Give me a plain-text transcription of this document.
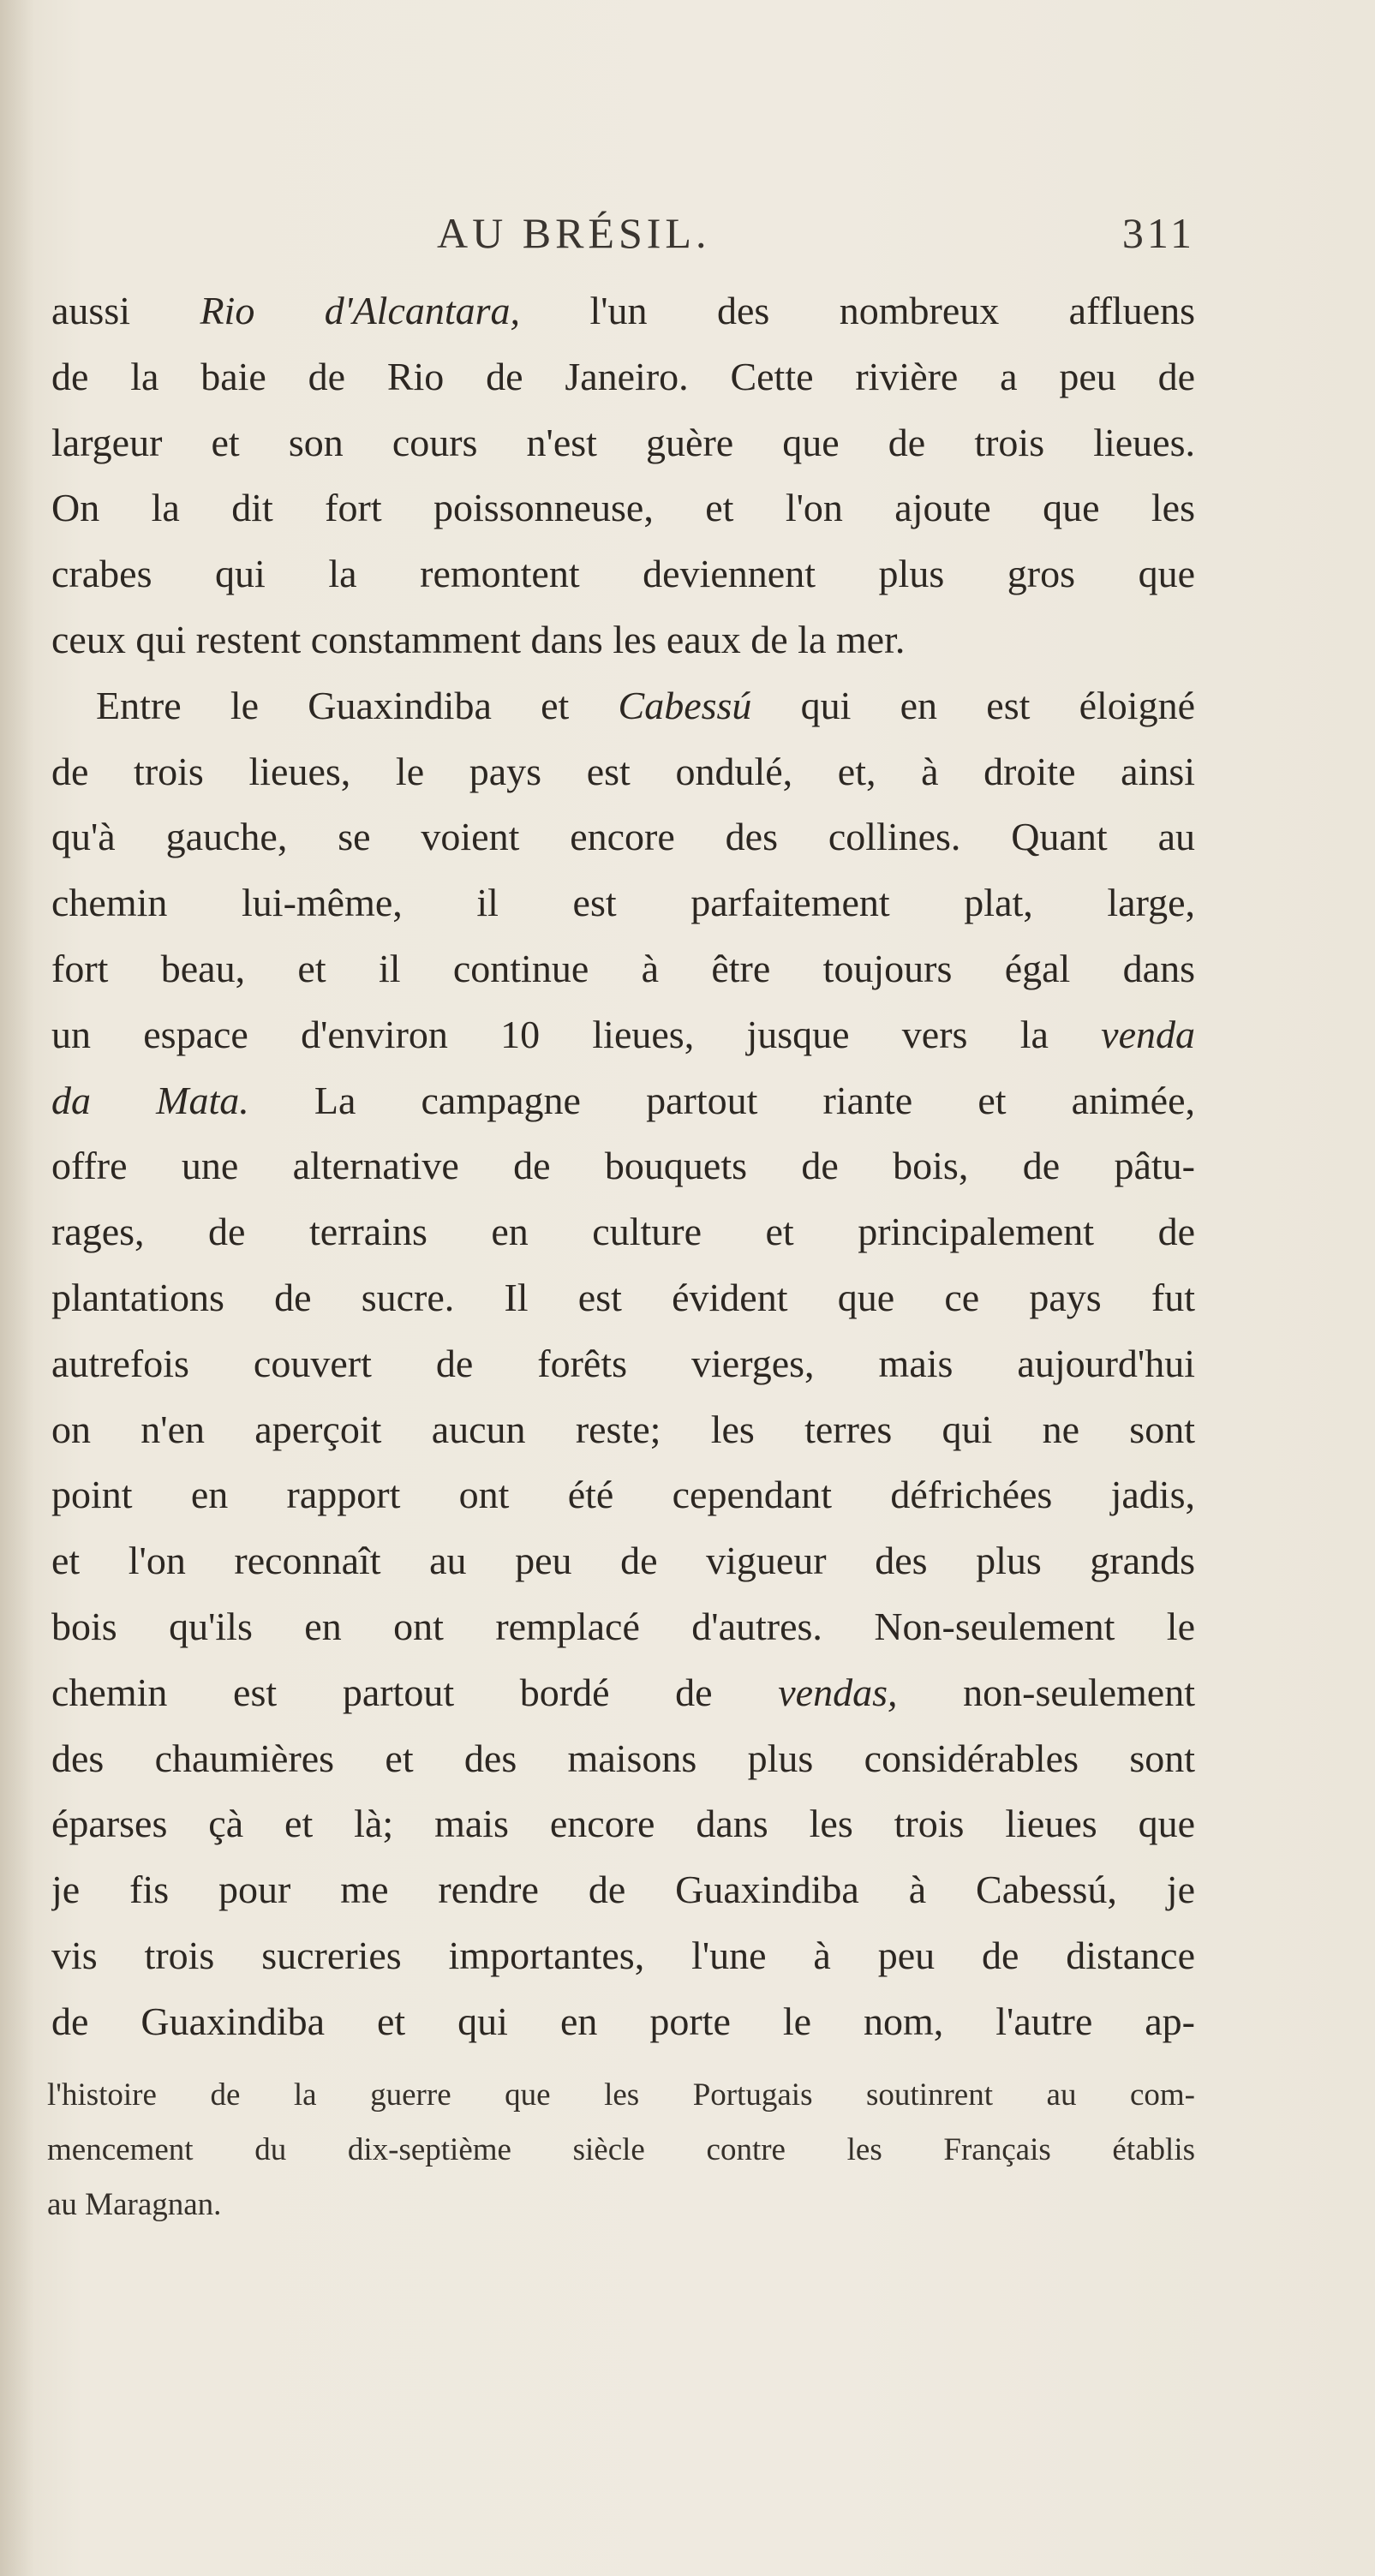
AU BRÉSIL.	311
aussi Rio d'Alcantara, l'un des nombreux affluens
de la baie de Rio de Janeiro. Cette rivière a peu de
largeur et son cours n'est guère que de trois lieues.
On la dit fort poissonneuse, et l'on ajoute que les
crabes qui la remontent deviennent plus gros que
ceux qui restent constamment dans les eaux de la mer.
Entre le Guaxindiba et Cabessú qui en est éloigné
de trois lieues, le pays est ondulé, et, à droite ainsi
qu'à gauche, se voient encore des collines. Quant au
chemin lui-même, il est parfaitement plat, large,
fort beau, et il continue à être toujours égal dans
un espace d'environ 10 lieues, jusque vers la venda
da Mata. La campagne partout riante et animée,
offre une alternative de bouquets de bois, de pâtu-
rages, de terrains en culture et principalement de
plantations de sucre. Il est évident que ce pays fut
autrefois couvert de forêts vierges, mais aujourd'hui
on n'en aperçoit aucun reste; les terres qui ne sont
point en rapport ont été cependant défrichées jadis,
et l'on reconnaît au peu de vigueur des plus grands
bois qu'ils en ont remplacé d'autres. Non-seulement le
chemin est partout bordé de vendas, non-seulement
des chaumières et des maisons plus considérables sont
éparses çà et là; mais encore dans les trois lieues que
je fis pour me rendre de Guaxindiba à Cabessú, je
vis trois sucreries importantes, l'une à peu de distance
de Guaxindiba et qui en porte le nom, l'autre ap-
l'histoire de la guerre que les Portugais soutinrent au com-
mencement du dix-septième siècle contre les Français établis
au Maragnan.
